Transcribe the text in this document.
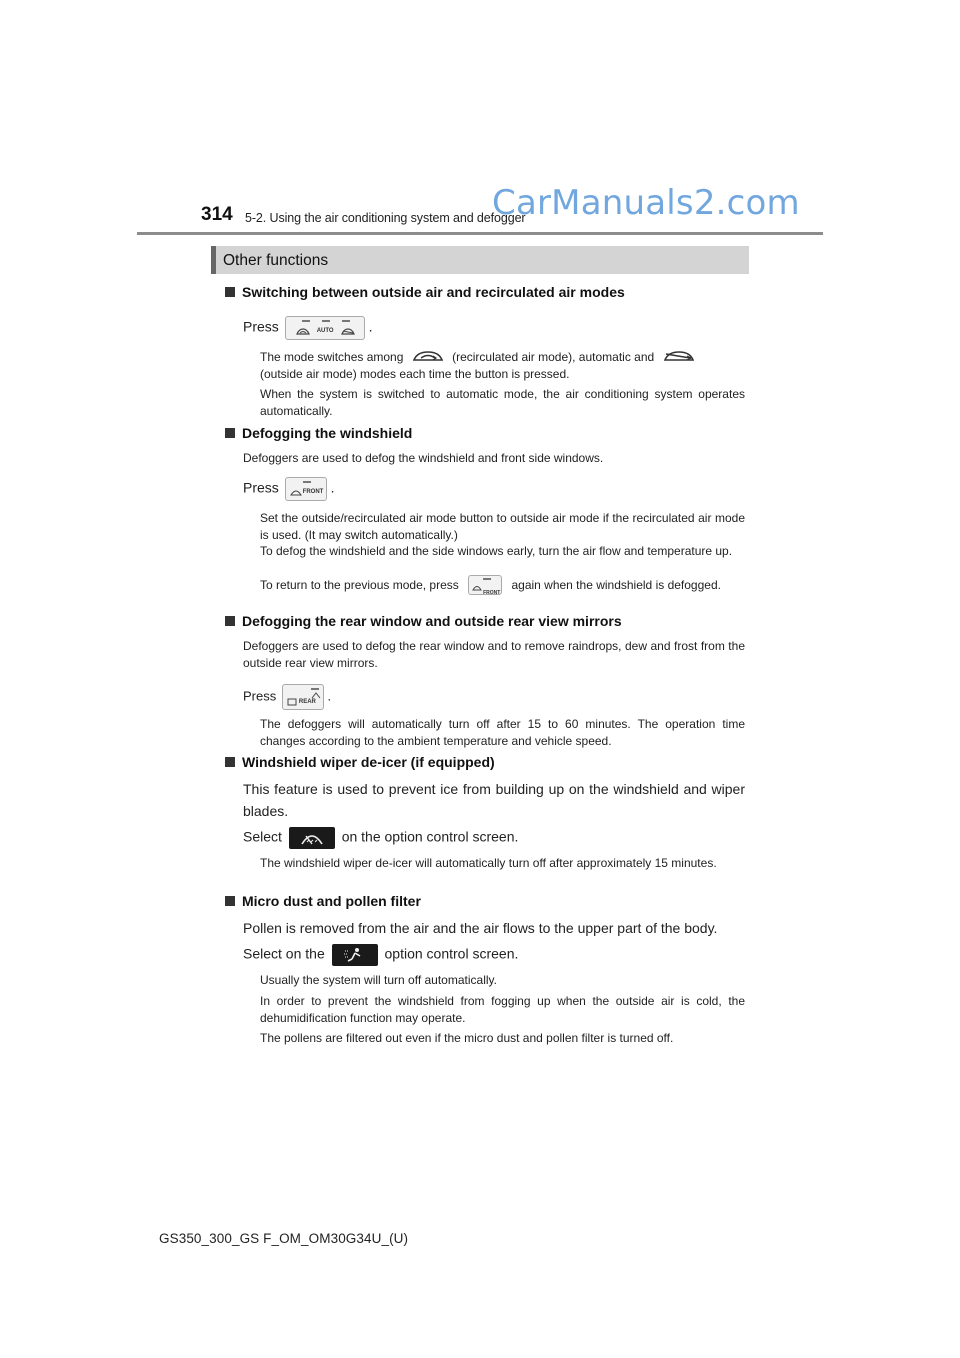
314 5-2. Using the air conditioning system and defogger
CarManuals2.com
Other functions
Switching between outside air and recirculated air modes
Press	AUTO	.
The mode switches among	(recirculated air mode), automatic and
(outside air mode) modes each time the button is pressed.
When the system is switched to automatic mode, the air conditioning system operates automatically.
Defogging the windshield
Defoggers are used to defog the windshield and front side windows.
Press	FRONT .
Set the outside/recirculated air mode button to outside air mode if the recirculated air mode is used. (It may switch automatically.)
To defog the windshield and the side windows early, turn the air flow and temperature up.
To return to the previous mode, press
FRONT
again when the windshield is defogged.
Defogging the rear window and outside rear view mirrors
Defoggers are used to defog the rear window and to remove raindrops, dew and frost from the outside rear view mirrors.
Press	REAR .
The defoggers will automatically turn off after 15 to 60 minutes. The operation time changes according to the ambient temperature and vehicle speed.
Windshield wiper de-icer (if equipped)
This feature is used to prevent ice from building up on the windshield and wiper blades.
Select	on the option control screen.
The windshield wiper de-icer will automatically turn off after approximately 15 minutes.
Micro dust and pollen filter
Pollen is removed from the air and the air flows to the upper part of the body.
Select on the	option control screen.
Usually the system will turn off automatically.
In order to prevent the windshield from fogging up when the outside air is cold, the dehumidification function may operate.
The pollens are filtered out even if the micro dust and pollen filter is turned off.
GS350_300_GS F_OM_OM30G34U_(U)
